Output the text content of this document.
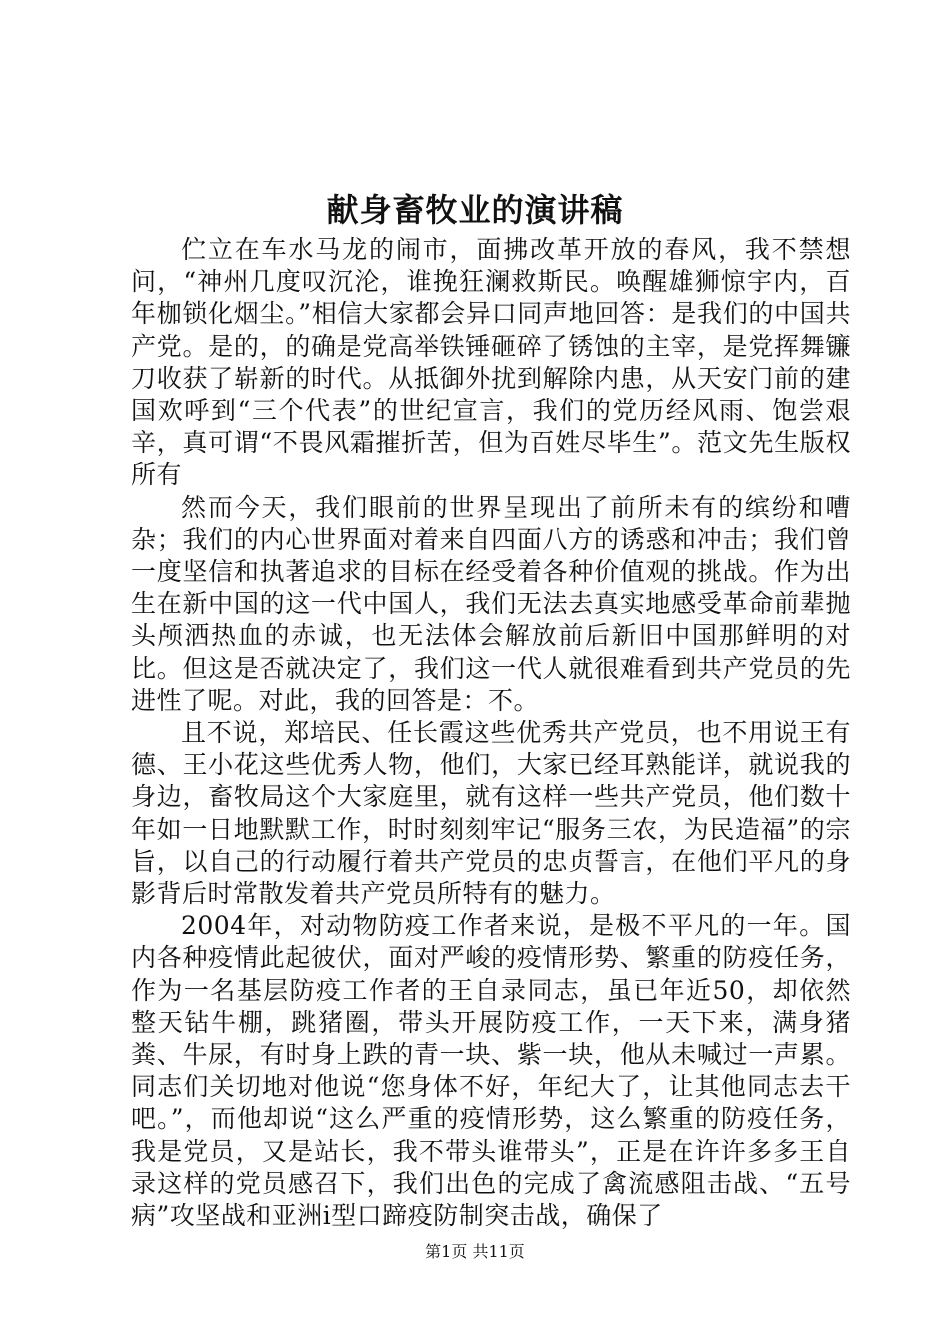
献身畜牧业的演讲稿

伫立在车水马龙的闹市，面拂改革开放的春风，我不禁想问，“神州几度叹沉沦，谁挽狂澜救斯民。唤醒雄狮惊宇内，百年枷锁化烟尘。”相信大家都会异口同声地回答：是我们的中国共产党。是的，的确是党高举铁锤砸碎了锈蚀的主宰，是党挥舞镰刀收获了崭新的时代。从抵御外扰到解除内患，从天安门前的建国欢呼到“三个代表”的世纪宣言，我们的党历经风雨、饱尝艰辛，真可谓“不畏风霜摧折苦，但为百姓尽毕生”。范文先生版权所有

然而今天，我们眼前的世界呈现出了前所未有的缤纷和嘈杂；我们的内心世界面对着来自四面八方的诱惑和冲击；我们曾一度坚信和执著追求的目标在经受着各种价值观的挑战。作为出生在新中国的这一代中国人，我们无法去真实地感受革命前辈抛头颅洒热血的赤诚，也无法体会解放前后新旧中国那鲜明的对比。但这是否就决定了，我们这一代人就很难看到共产党员的先进性了呢。对此，我的回答是：不。

且不说，郑培民、任长霞这些优秀共产党员，也不用说王有德、王小花这些优秀人物，他们，大家已经耳熟能详，就说我的身边，畜牧局这个大家庭里，就有这样一些共产党员，他们数十年如一日地默默工作，时时刻刻牢记“服务三农，为民造福”的宗旨，以自己的行动履行着共产党员的忠贞誓言，在他们平凡的身影背后时常散发着共产党员所特有的魅力。

2004年，对动物防疫工作者来说，是极不平凡的一年。国内各种疫情此起彼伏，面对严峻的疫情形势、繁重的防疫任务，作为一名基层防疫工作者的王自录同志，虽已年近50，却依然整天钻牛棚，跳猪圈，带头开展防疫工作，一天下来，满身猪粪、牛尿，有时身上跌的青一块、紫一块，他从未喊过一声累。同志们关切地对他说“您身体不好，年纪大了，让其他同志去干吧。”，而他却说“这么严重的疫情形势，这么繁重的防疫任务，我是党员，又是站长，我不带头谁带头”，正是在许许多多王自录这样的党员感召下，我们出色的完成了禽流感阻击战、“五号病”攻坚战和亚洲ⅰ型口蹄疫防制突击战，确保了

第1页 共11页
